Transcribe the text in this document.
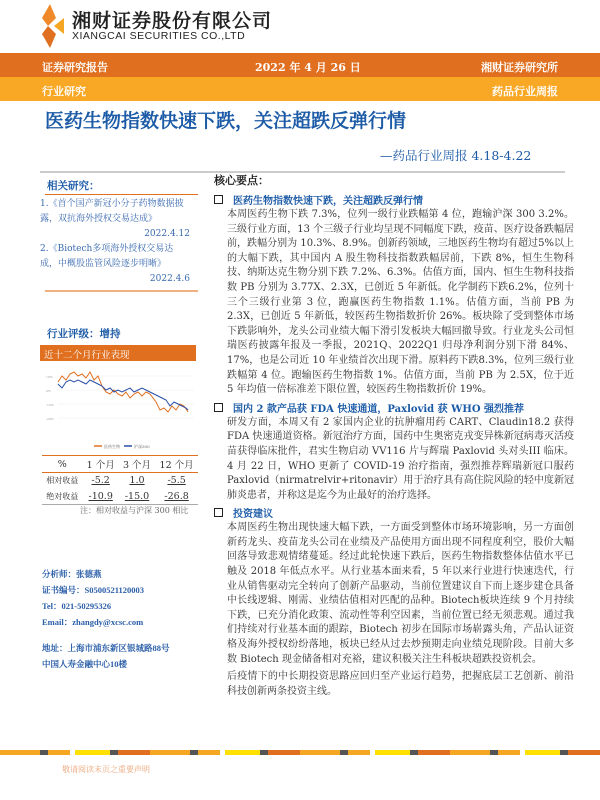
湘财证券股份有限公司
XIANGCAI SECURITIES CO.,LTD
证券研究报告	2022 年 4 月 26 日	湘财证券研究所
行业研究	药品行业周报
医药生物指数快速下跌，关注超跌反弹行情
—药品行业周报 4.18-4.22
相关研究：
1.《首个国产新冠小分子药物数据披露，双抗海外授权交易达成》
2022.4.12
2.《Biotech多项海外授权交易达成，中概股监管风险逐步明晰》
2022.4.6
行业评级：增持
近十二个月行业表现
10%
0%
-10%
-20%
医药生物	沪深300
%	1 个月	3 个月	12 个月
相对收益	-5.2	1.0	-5.5
绝对收益	-10.9	-15.0	-26.8
注：相对收益与沪深 300 相比
分析师：张德燕
证书编号：S0500521120003
Tel：021-50295326
Email：zhangdy@xcsc.com
地址：上海市浦东新区银城路88号中国人寿金融中心10楼
核心要点：
医药生物指数快速下跌，关注超跌反弹行情
本周医药生物下跌 7.3%，位列一级行业跌幅第 4 位，跑输沪深 300 3.2%。三级行业方面，13 个三级子行业均呈现不同幅度下跌，疫苗、医疗设备跌幅居前，跌幅分别为 10.3%、8.9%。创新药领域，三地医药生物均有超过5%以上的大幅下跌，其中国内 A 股生物科技指数跌幅居前，下跌 8%，恒生生物科技、纳斯达克生物分别下跌 7.2%、6.3%。估值方面，国内、恒生生物科技指数 PB 分别为 3.77X、2.3X，已创近 5 年新低。化学制药下跌6.2%，位列十三个三级行业第 3 位，跑赢医药生物指数 1.1%。估值方面，当前 PB 为 2.3X，已创近 5 年新低，较医药生物指数折价 26%。板块除了受到整体市场下跌影响外，龙头公司业绩大幅下滑引发板块大幅回撤导致。行业龙头公司恒瑞医药披露年报及一季报，2021Q、2022Q1 归母净利润分别下滑 84%、17%，也是公司近 10 年业绩首次出现下滑。原料药下跌8.3%，位列三级行业跌幅第 4 位。跑输医药生物指数 1%。估值方面，当前 PB 为 2.5X，位于近 5 年均值一倍标准差下限位置，较医药生物指数折价 19%。
国内 2 款产品获 FDA 快速通道，Paxlovid 获 WHO 强烈推荐
研发方面，本周又有 2 家国内企业的抗肿瘤用药 CART、Claudin18.2 获得FDA 快速通道资格。新冠治疗方面，国药中生奥密克戎变异株新冠病毒灭活疫苗获得临床批件，君实生物启动 VV116 片与辉瑞 Paxlovid 头对头III 临床。4 月 22 日，WHO 更新了 COVID-19 治疗指南，强烈推荐辉瑞新冠口服药 Paxlovid（nirmatrelvir+ritonavir）用于治疗具有高住院风险的轻中度新冠肺炎患者，并称这是迄今为止最好的治疗选择。
投资建议
本周医药生物出现快速大幅下跌，一方面受到整体市场环境影响，另一方面创新药龙头、疫苗龙头公司在业绩及产品使用方面出现不同程度利空，股价大幅回落导致悲观情绪蔓延。经过此轮快速下跌后，医药生物指数整体估值水平已触及 2018 年低点水平。从行业基本面来看，5 年以来行业进行快速迭代，行业从销售驱动完全转向了创新产品驱动，当前位置建议自下而上逐步建仓具备中长线逻辑、刚需、业绩估值相对匹配的品种。Biotech板块连续 9 个月持续下跌，已充分消化政策、流动性等利空因素，当前位置已经无须悲观。通过我们持续对行业基本面的跟踪，Biotech 初步在国际市场崭露头角，产品认证资格及海外授权纷纷落地，板块已经从过去炒预期走向业绩兑现阶段。目前大多数 Biotech 现金储备相对充裕，建议积极关注生科板块超跌投资机会。
后疫情下的中长期投资思路应回归至产业运行趋势，把握底层工艺创新、前沿科技创新两条投资主线。
敬请阅读末页之重要声明
